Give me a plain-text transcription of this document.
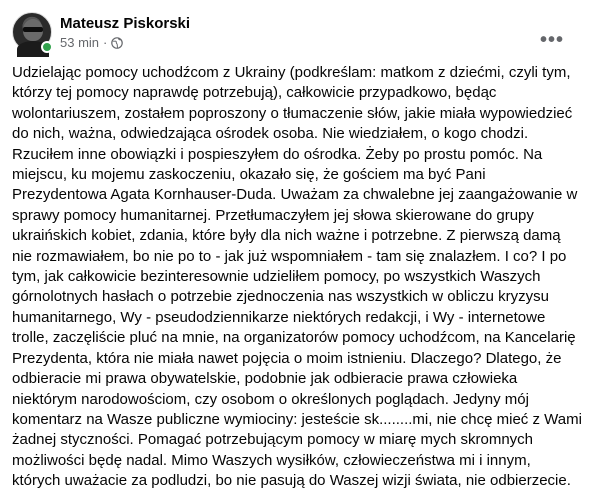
Mateusz Piskorski
53 min ·	•••

Udzielając pomocy uchodźcom z Ukrainy (podkreślam: matkom z dziećmi, czyli tym, którzy tej pomocy naprawdę potrzebują), całkowicie przypadkowo, będąc wolontariuszem, zostałem poproszony o tłumaczenie słów, jakie miała wypowiedzieć do nich, ważna, odwiedzająca ośrodek osoba. Nie wiedziałem, o kogo chodzi. Rzuciłem inne obowiązki i pospieszyłem do ośrodka. Żeby po prostu pomóc. Na miejscu, ku mojemu zaskoczeniu, okazało się, że gościem ma być Pani Prezydentowa Agata Kornhauser-Duda. Uważam za chwalebne jej zaangażowanie w sprawy pomocy humanitarnej. Przetłumaczyłem jej słowa skierowane do grupy ukraińskich kobiet, zdania, które były dla nich ważne i potrzebne. Z pierwszą damą nie rozmawiałem, bo nie po to - jak już wspomniałem - tam się znalazłem. I co? I po tym, jak całkowicie bezinteresownie udzieliłem pomocy, po wszystkich Waszych górnolotnych hasłach o potrzebie zjednoczenia nas wszystkich w obliczu kryzysu humanitarnego, Wy - pseudodziennikarze niektórych redakcji, i Wy - internetowe trolle, zaczęliście pluć na mnie, na organizatorów pomocy uchodźcom, na Kancelarię Prezydenta, która nie miała nawet pojęcia o moim istnieniu. Dlaczego? Dlatego, że odbieracie mi prawa obywatelskie, podobnie jak odbieracie prawa człowieka niektórym narodowościom, czy osobom o określonych poglądach. Jedyny mój komentarz na Wasze publiczne wymiociny: jesteście sk........mi, nie chcę mieć z Wami żadnej styczności. Pomagać potrzebującym pomocy w miarę mych skromnych możliwości będę nadal. Mimo Waszych wysiłków, człowieczeństwa mi i innym, których uważacie za podludzi, bo nie pasują do Waszej wizji świata, nie odbierzecie.
